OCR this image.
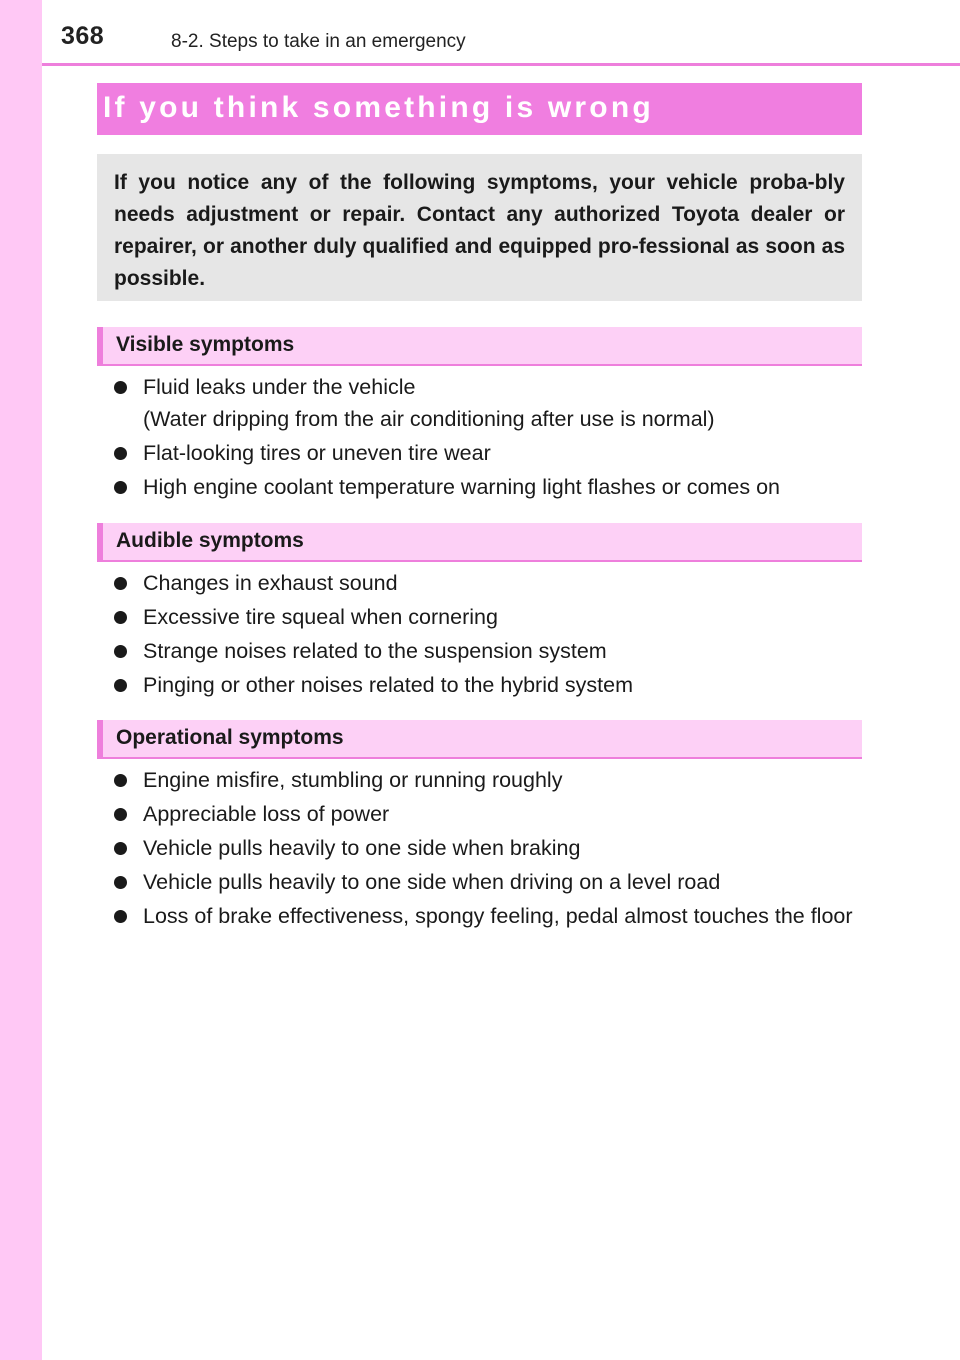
368	8-2. Steps to take in an emergency
If you think something is wrong

If you notice any of the following symptoms, your vehicle proba-bly needs adjustment or repair. Contact any authorized Toyota dealer or repairer, or another duly qualified and equipped pro-fessional as soon as possible.

Visible symptoms
Fluid leaks under the vehicle
(Water dripping from the air conditioning after use is normal)
Flat-looking tires or uneven tire wear
High engine coolant temperature warning light flashes or comes on
Audible symptoms
Changes in exhaust sound
Excessive tire squeal when cornering
Strange noises related to the suspension system
Pinging or other noises related to the hybrid system
Operational symptoms
Engine misfire, stumbling or running roughly
Appreciable loss of power
Vehicle pulls heavily to one side when braking
Vehicle pulls heavily to one side when driving on a level road
Loss of brake effectiveness, spongy feeling, pedal almost touches the floor
